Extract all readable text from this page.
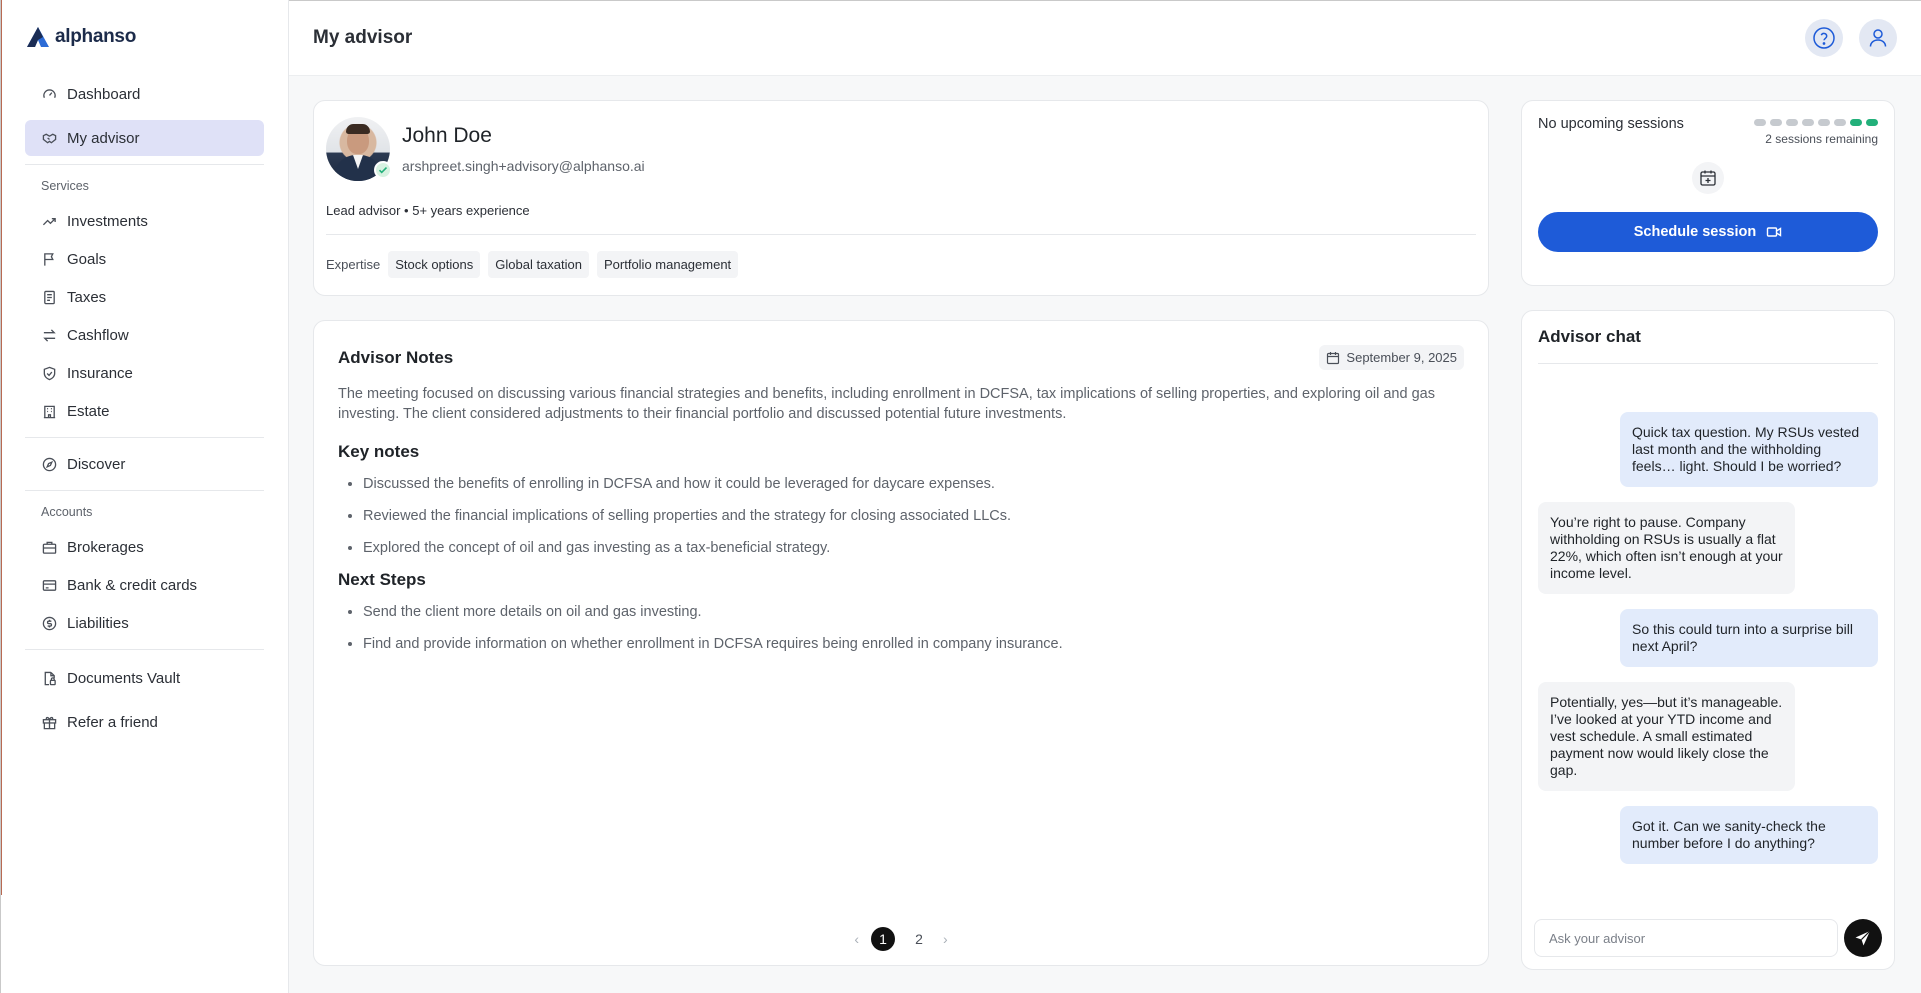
alphanso
Dashboard
My advisor
Services
Investments
Goals
Taxes
Cashflow
Insurance
Estate
Discover
Accounts
Brokerages
Bank & credit cards
Liabilities
Documents Vault
Refer a friend
My advisor
John Doe
arshpreet.singh+advisory@alphanso.ai
Lead advisor • 5+ years experience
Expertise	Stock options	Global taxation	Portfolio management
Advisor Notes	September 9, 2025

The meeting focused on discussing various financial strategies and benefits, including enrollment in DCFSA, tax implications of selling properties, and exploring oil and gas investing. The client considered adjustments to their financial portfolio and discussed potential future investments.

Key notes
• Discussed the benefits of enrolling in DCFSA and how it could be leveraged for daycare expenses.
• Reviewed the financial implications of selling properties and the strategy for closing associated LLCs.
• Explored the concept of oil and gas investing as a tax-beneficial strategy.
Next Steps
• Send the client more details on oil and gas investing.
• Find and provide information on whether enrollment in DCFSA requires being enrolled in company insurance.
‹	1	2	›
No upcoming sessions
2 sessions remaining
Schedule session
Advisor chat
Quick tax question. My RSUs vested last month and the withholding feels… light. Should I be worried?
You’re right to pause. Company withholding on RSUs is usually a flat 22%, which often isn’t enough at your income level.
So this could turn into a surprise bill next April?
Potentially, yes—but it’s manageable. I’ve looked at your YTD income and vest schedule. A small estimated payment now would likely close the gap.
Got it. Can we sanity-check the number before I do anything?
Ask your advisor
